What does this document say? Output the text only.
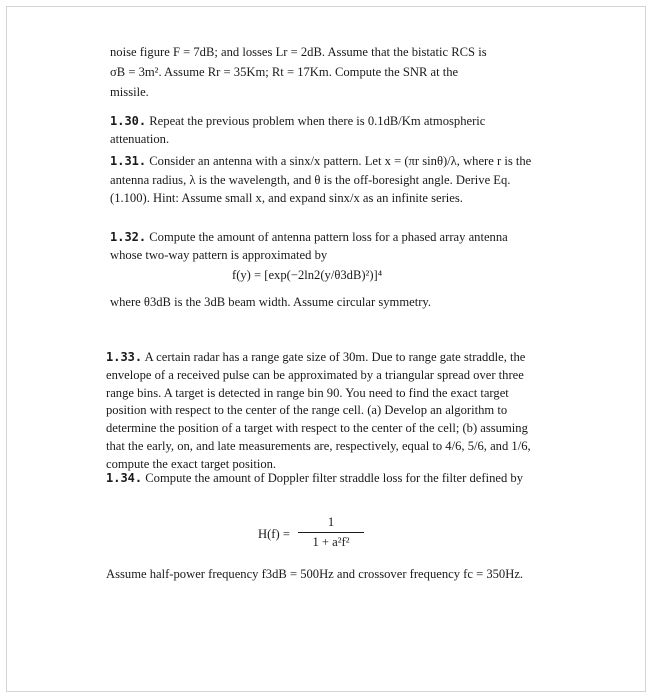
noise figure F = 7dB; and losses Lr = 2dB. Assume that the bistatic RCS is
σB = 3m². Assume Rr = 35Km; Rt = 17Km. Compute the SNR at the
missile.
1.30. Repeat the previous problem when there is 0.1dB/Km atmospheric attenuation.
1.31. Consider an antenna with a sinx/x pattern. Let x = (πr sinθ)/λ, where r is the antenna radius, λ is the wavelength, and θ is the off-boresight angle. Derive Eq. (1.100). Hint: Assume small x, and expand sinx/x as an infinite series.
1.32. Compute the amount of antenna pattern loss for a phased array antenna whose two-way pattern is approximated by
f(y) = [exp(−2ln2(y/θ3dB)²)]⁴
where θ3dB is the 3dB beam width. Assume circular symmetry.
1.33. A certain radar has a range gate size of 30m. Due to range gate straddle, the envelope of a received pulse can be approximated by a triangular spread over three range bins. A target is detected in range bin 90. You need to find the exact target position with respect to the center of the range cell. (a) Develop an algorithm to determine the position of a target with respect to the center of the cell; (b) assuming that the early, on, and late measurements are, respectively, equal to 4/6, 5/6, and 1/6, compute the exact target position.
1.34. Compute the amount of Doppler filter straddle loss for the filter defined by
H(f) =
1
1 + a²f²
Assume half-power frequency f3dB = 500Hz and crossover frequency fc = 350Hz.
